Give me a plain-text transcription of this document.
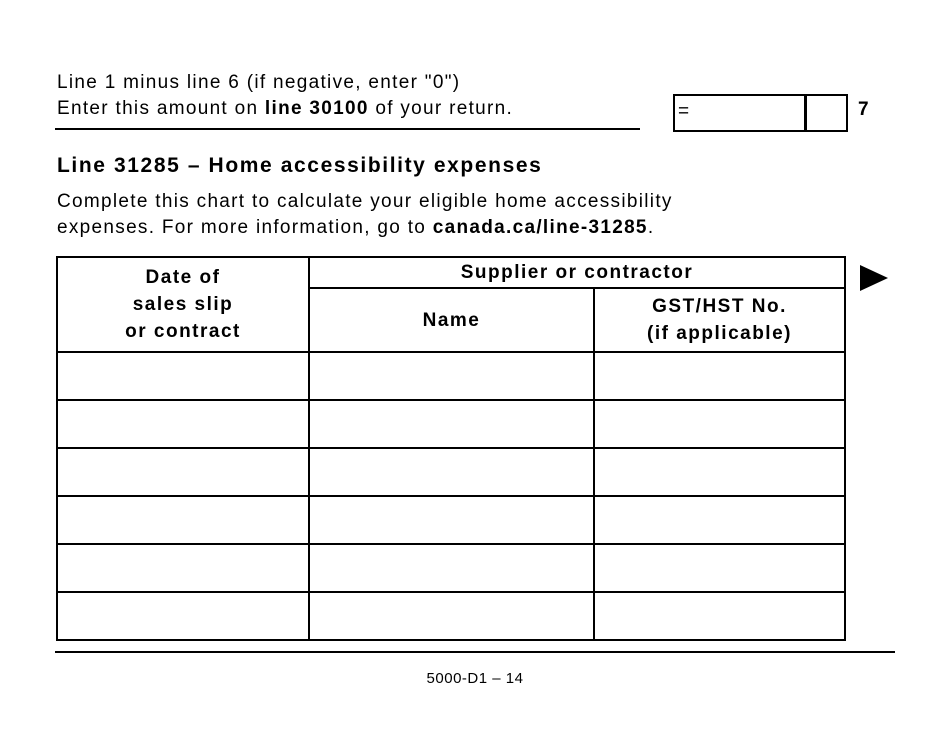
Line 1 minus line 6 (if negative, enter "0")
Enter this amount on line 30100 of your return.	=	7
Line 31285 – Home accessibility expenses
Complete this chart to calculate your eligible home accessibility
expenses. For more information, go to canada.ca/line-31285.
Date of
sales slip
or contract	Supplier or contractor	
	Name	GST/HST No.
(if applicable)

5000-D1 – 14
